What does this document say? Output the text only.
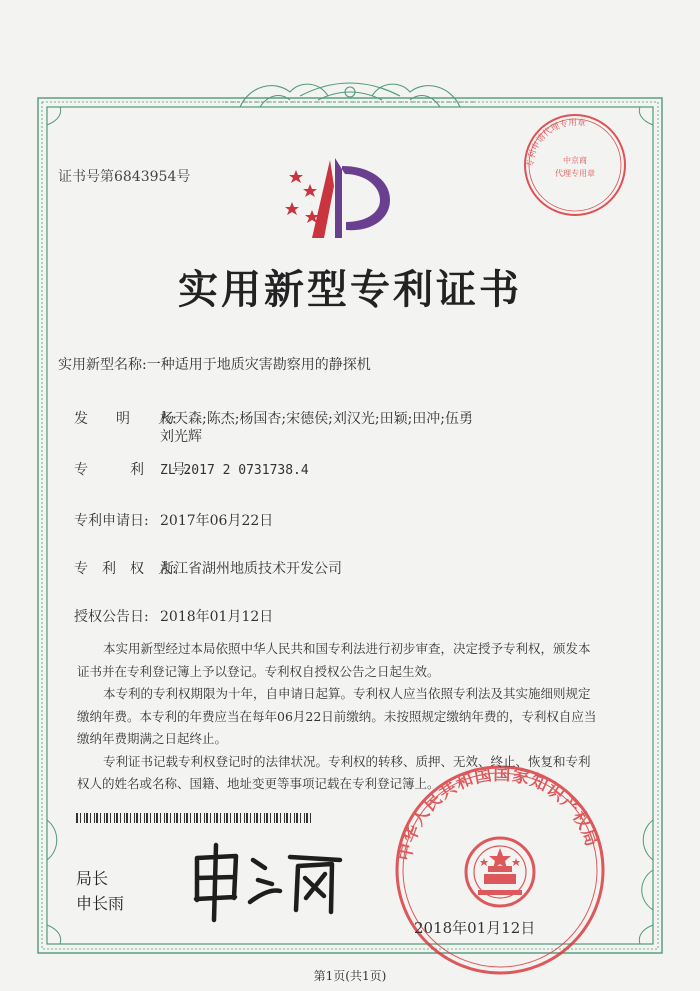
专利申请代理专用章
中京商
代理专用章
中华人民共和国国家知识产权局
证书号第6843954号
实用新型专利证书
实用新型名称:一种适用于地质灾害勘察用的静探机
发　　明　　人:杨天森;陈杰;杨国杏;宋德侯;刘汉光;田颖;田冲;伍勇
刘光辉
专　　　利　　号:ZL 2017 2 0731738.4
专利申请日: 2017年06月22日
专　利　权　人:浙江省湖州地质技术开发公司
授权公告日: 2018年01月12日

本实用新型经过本局依照中华人民共和国专利法进行初步审查，决定授予专利权，颁发本证书并在专利登记簿上予以登记。专利权自授权公告之日起生效。

本专利的专利权期限为十年，自申请日起算。专利权人应当依照专利法及其实施细则规定缴纳年费。本专利的年费应当在每年06月22日前缴纳。未按照规定缴纳年费的，专利权自应当缴纳年费期满之日起终止。

专利证书记载专利权登记时的法律状况。专利权的转移、质押、无效、终止、恢复和专利权人的姓名或名称、国籍、地址变更等事项记载在专利登记簿上。

局长
申长雨
2018年01月12日
第1页(共1页)
